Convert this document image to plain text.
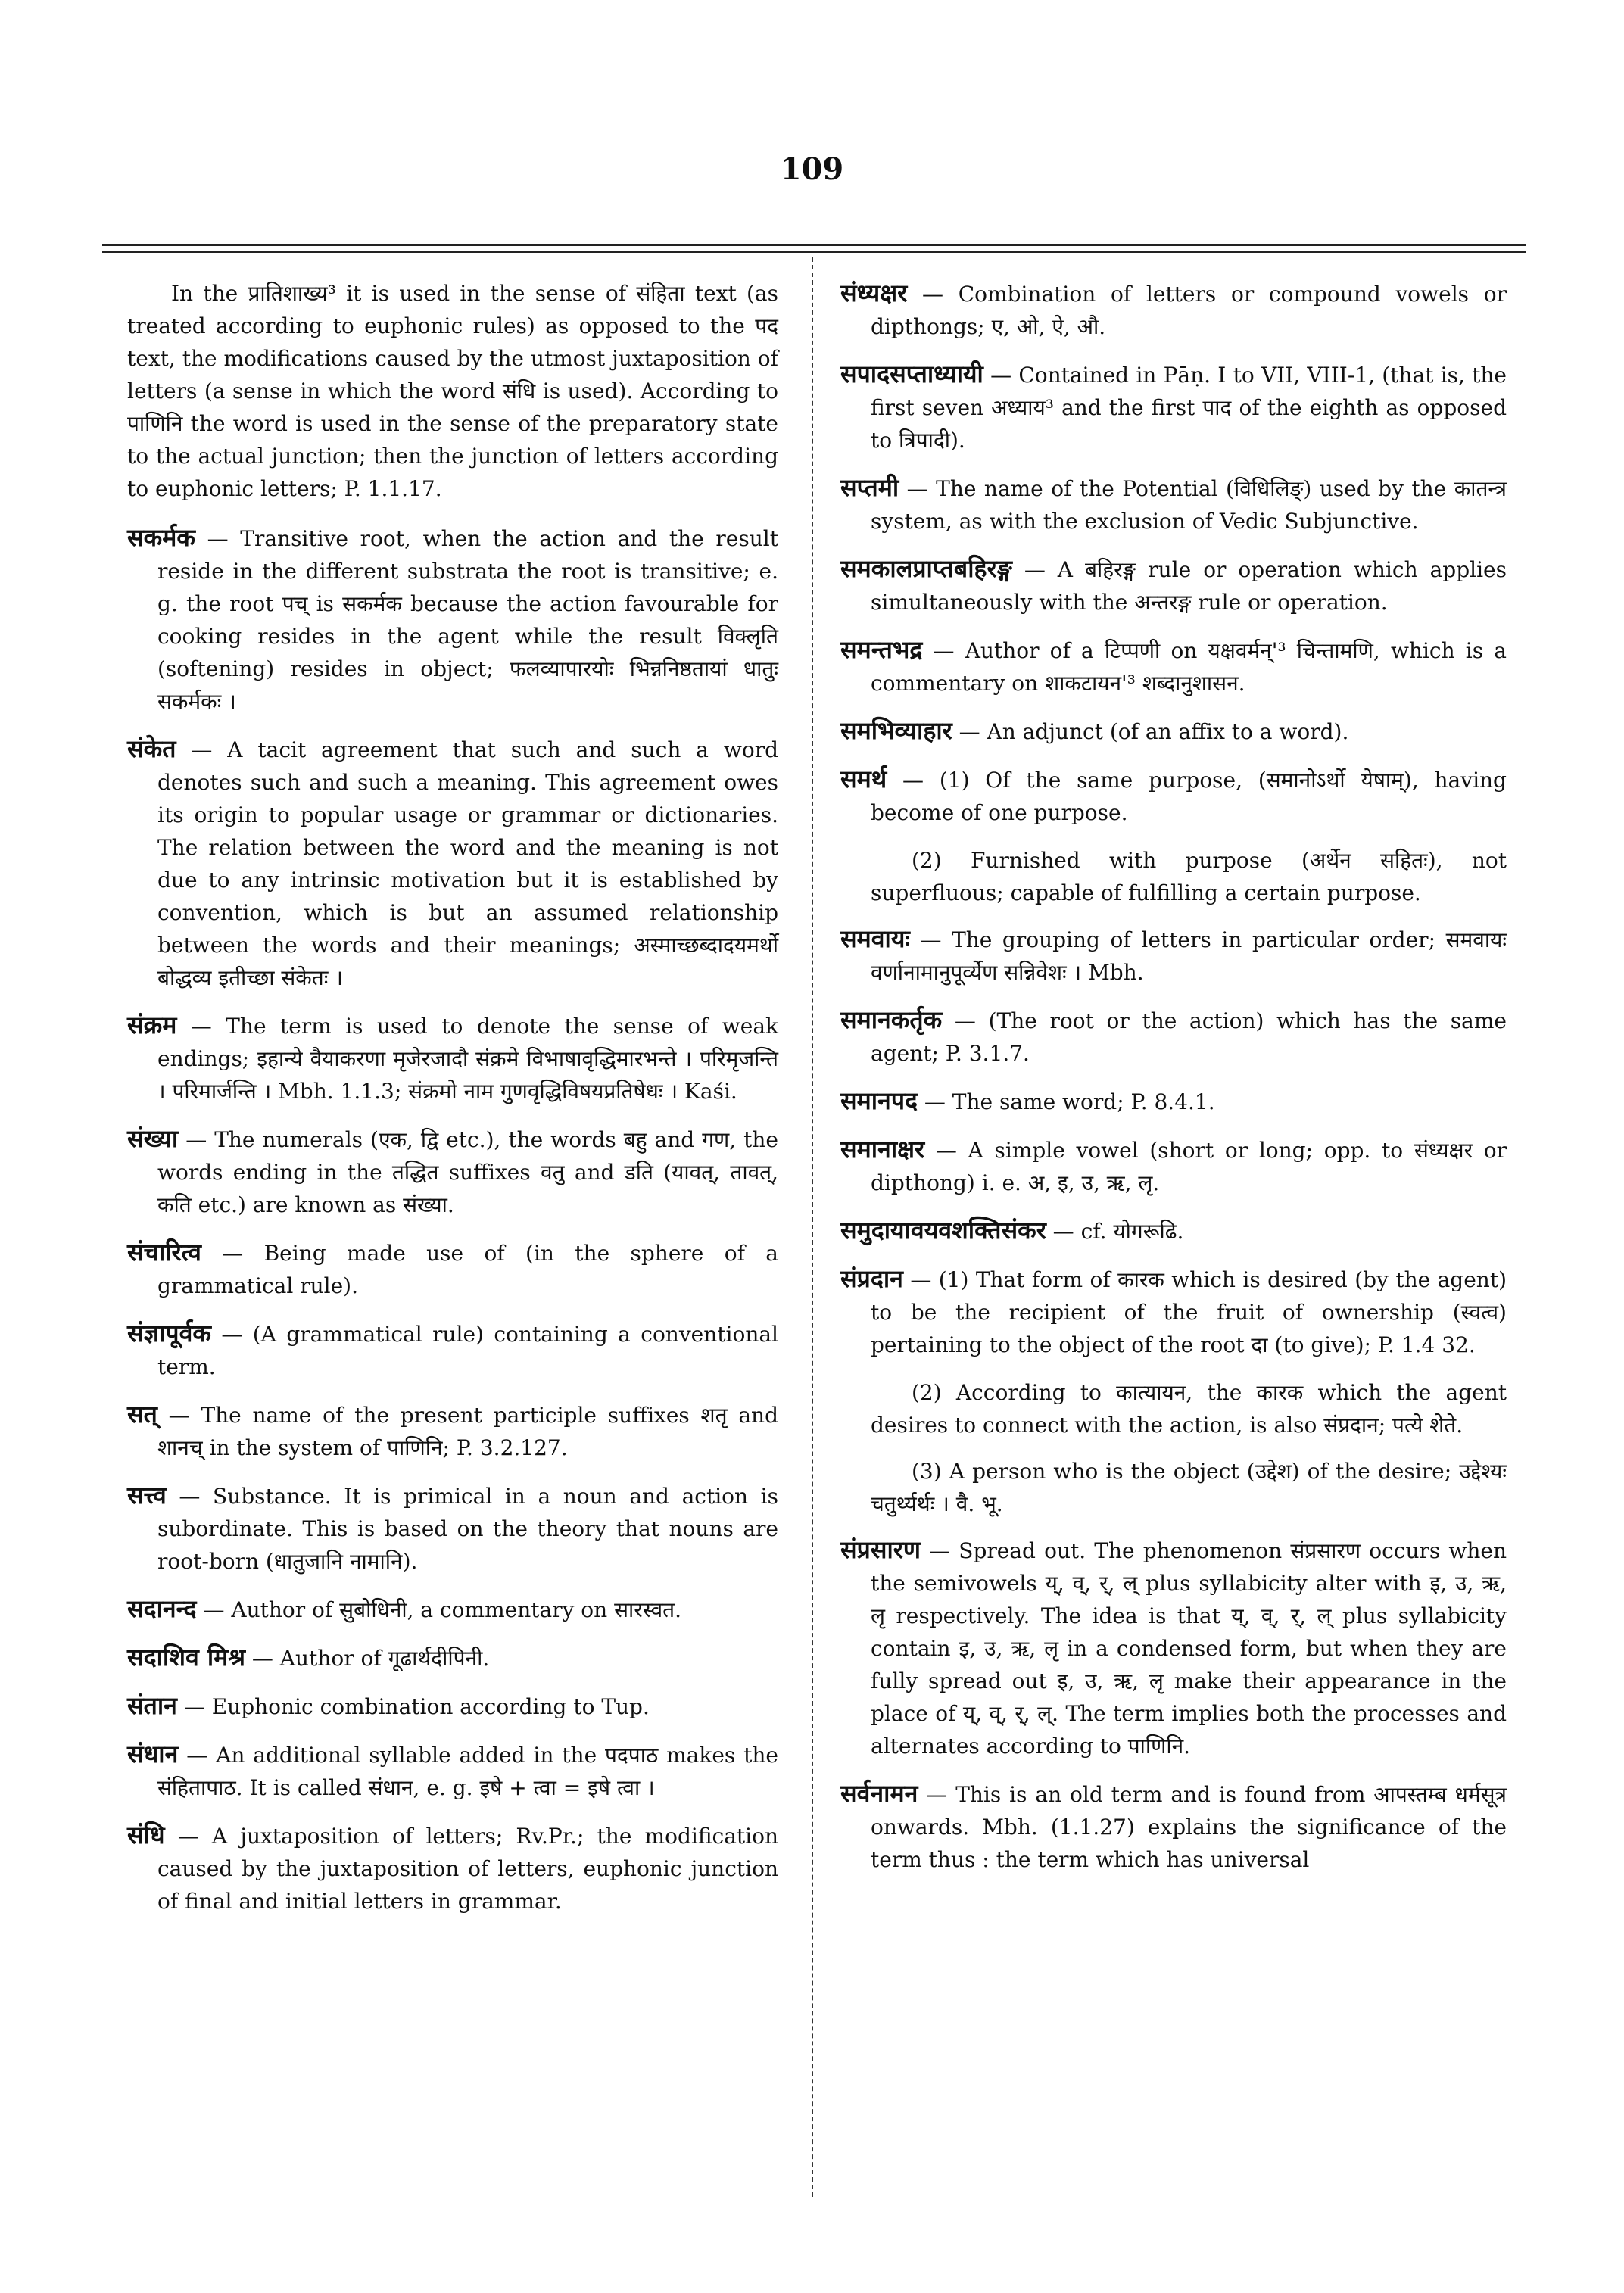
109

In the प्रातिशाख्य³ it is used in the sense of संहिता text (as treated according to euphonic rules) as opposed to the पद text, the modifications caused by the utmost juxtaposition of letters (a sense in which the word संधि is used). According to पाणिनि the word is used in the sense of the preparatory state to the actual junction; then the junction of letters according to euphonic letters; P. 1.1.17.

सकर्मक — Transitive root, when the action and the result reside in the different substrata the root is transitive; e. g. the root पच् is सकर्मक because the action favourable for cooking resides in the agent while the result विक्लृति (softening) resides in object; फलव्यापारयोः भिन्ननिष्ठतायां धातुः सकर्मकः ।

संकेत — A tacit agreement that such and such a word denotes such and such a meaning. This agreement owes its origin to popular usage or grammar or dictionaries. The relation between the word and the meaning is not due to any intrinsic motivation but it is established by convention, which is but an assumed relationship between the words and their meanings; अस्माच्छब्दादयमर्थो बोद्धव्य इतीच्छा संकेतः ।

संक्रम — The term is used to denote the sense of weak endings; इहान्ये वैयाकरणा मृजेरजादौ संक्रमे विभाषावृद्धिमारभन्ते । परिमृजन्ति । परिमार्जन्ति । Mbh. 1.1.3; संक्रमो नाम गुणवृद्धिविषयप्रतिषेधः । Kaśi.

संख्या — The numerals (एक, द्वि etc.), the words बहु and गण, the words ending in the तद्धित suffixes वतु and डति (यावत्, तावत्, कति etc.) are known as संख्या.

संचारित्व — Being made use of (in the sphere of a grammatical rule).

संज्ञापूर्वक — (A grammatical rule) containing a conventional term.

सत् — The name of the present participle suffixes शतृ and शानच् in the system of पाणिनि; P. 3.2.127.

सत्त्व — Substance. It is primical in a noun and action is subordinate. This is based on the theory that nouns are root-born (धातुजानि नामानि).

सदानन्द — Author of सुबोधिनी, a commentary on सारस्वत.

सदाशिव मिश्र — Author of गूढार्थदीपिनी.

संतान — Euphonic combination according to Tup.

संधान — An additional syllable added in the पदपाठ makes the संहितापाठ. It is called संधान, e. g. इषे + त्वा = इषे त्वा ।

संधि — A juxtaposition of letters; Rv.Pr.; the modification caused by the juxtaposition of letters, euphonic junction of final and initial letters in grammar.

संध्यक्षर — Combination of letters or compound vowels or dipthongs; ए, ओ, ऐ, औ.

सपादसप्ताध्यायी — Contained in Pāṇ. I to VII, VIII-1, (that is, the first seven अध्याय³ and the first पाद of the eighth as opposed to त्रिपादी).

सप्तमी — The name of the Potential (विधिलिङ्) used by the कातन्त्र system, as with the exclusion of Vedic Subjunctive.

समकालप्राप्तबहिरङ्ग — A बहिरङ्ग rule or operation which applies simultaneously with the अन्तरङ्ग rule or operation.

समन्तभद्र — Author of a टिप्पणी on यक्षवर्मन्'³ चिन्तामणि, which is a commentary on शाकटायन'³ शब्दानुशासन.

समभिव्याहार — An adjunct (of an affix to a word).

समर्थ — (1) Of the same purpose, (समानोऽर्थो येषाम्), having become of one purpose.

(2) Furnished with purpose (अर्थेन सहितः), not superfluous; capable of fulfilling a certain purpose.

समवायः — The grouping of letters in particular order; समवायः वर्णानामानुपूर्व्येण सन्निवेशः । Mbh.

समानकर्तृक — (The root or the action) which has the same agent; P. 3.1.7.

समानपद — The same word; P. 8.4.1.

समानाक्षर — A simple vowel (short or long; opp. to संध्यक्षर or dipthong) i. e. अ, इ, उ, ऋ, लृ.

समुदायावयवशक्तिसंकर — cf. योगरूढि.

संप्रदान — (1) That form of कारक which is desired (by the agent) to be the recipient of the fruit of ownership (स्वत्व) pertaining to the object of the root दा (to give); P. 1.4 32.

(2) According to कात्यायन, the कारक which the agent desires to connect with the action, is also संप्रदान; पत्ये शेते.

(3) A person who is the object (उद्देश) of the desire; उद्देश्यः चतुर्थ्यर्थः । वै. भू.

संप्रसारण — Spread out. The phenomenon संप्रसारण occurs when the semivowels य्, व्, र्, ल् plus syllabicity alter with इ, उ, ऋ, लृ respectively. The idea is that य्, व्, र्, ल् plus syllabicity contain इ, उ, ऋ, लृ in a condensed form, but when they are fully spread out इ, उ, ऋ, लृ make their appearance in the place of य्, व्, र्, ल्. The term implies both the processes and alternates according to पाणिनि.

सर्वनामन — This is an old term and is found from आपस्तम्ब धर्मसूत्र onwards. Mbh. (1.1.27) explains the significance of the term thus : the term which has universal
